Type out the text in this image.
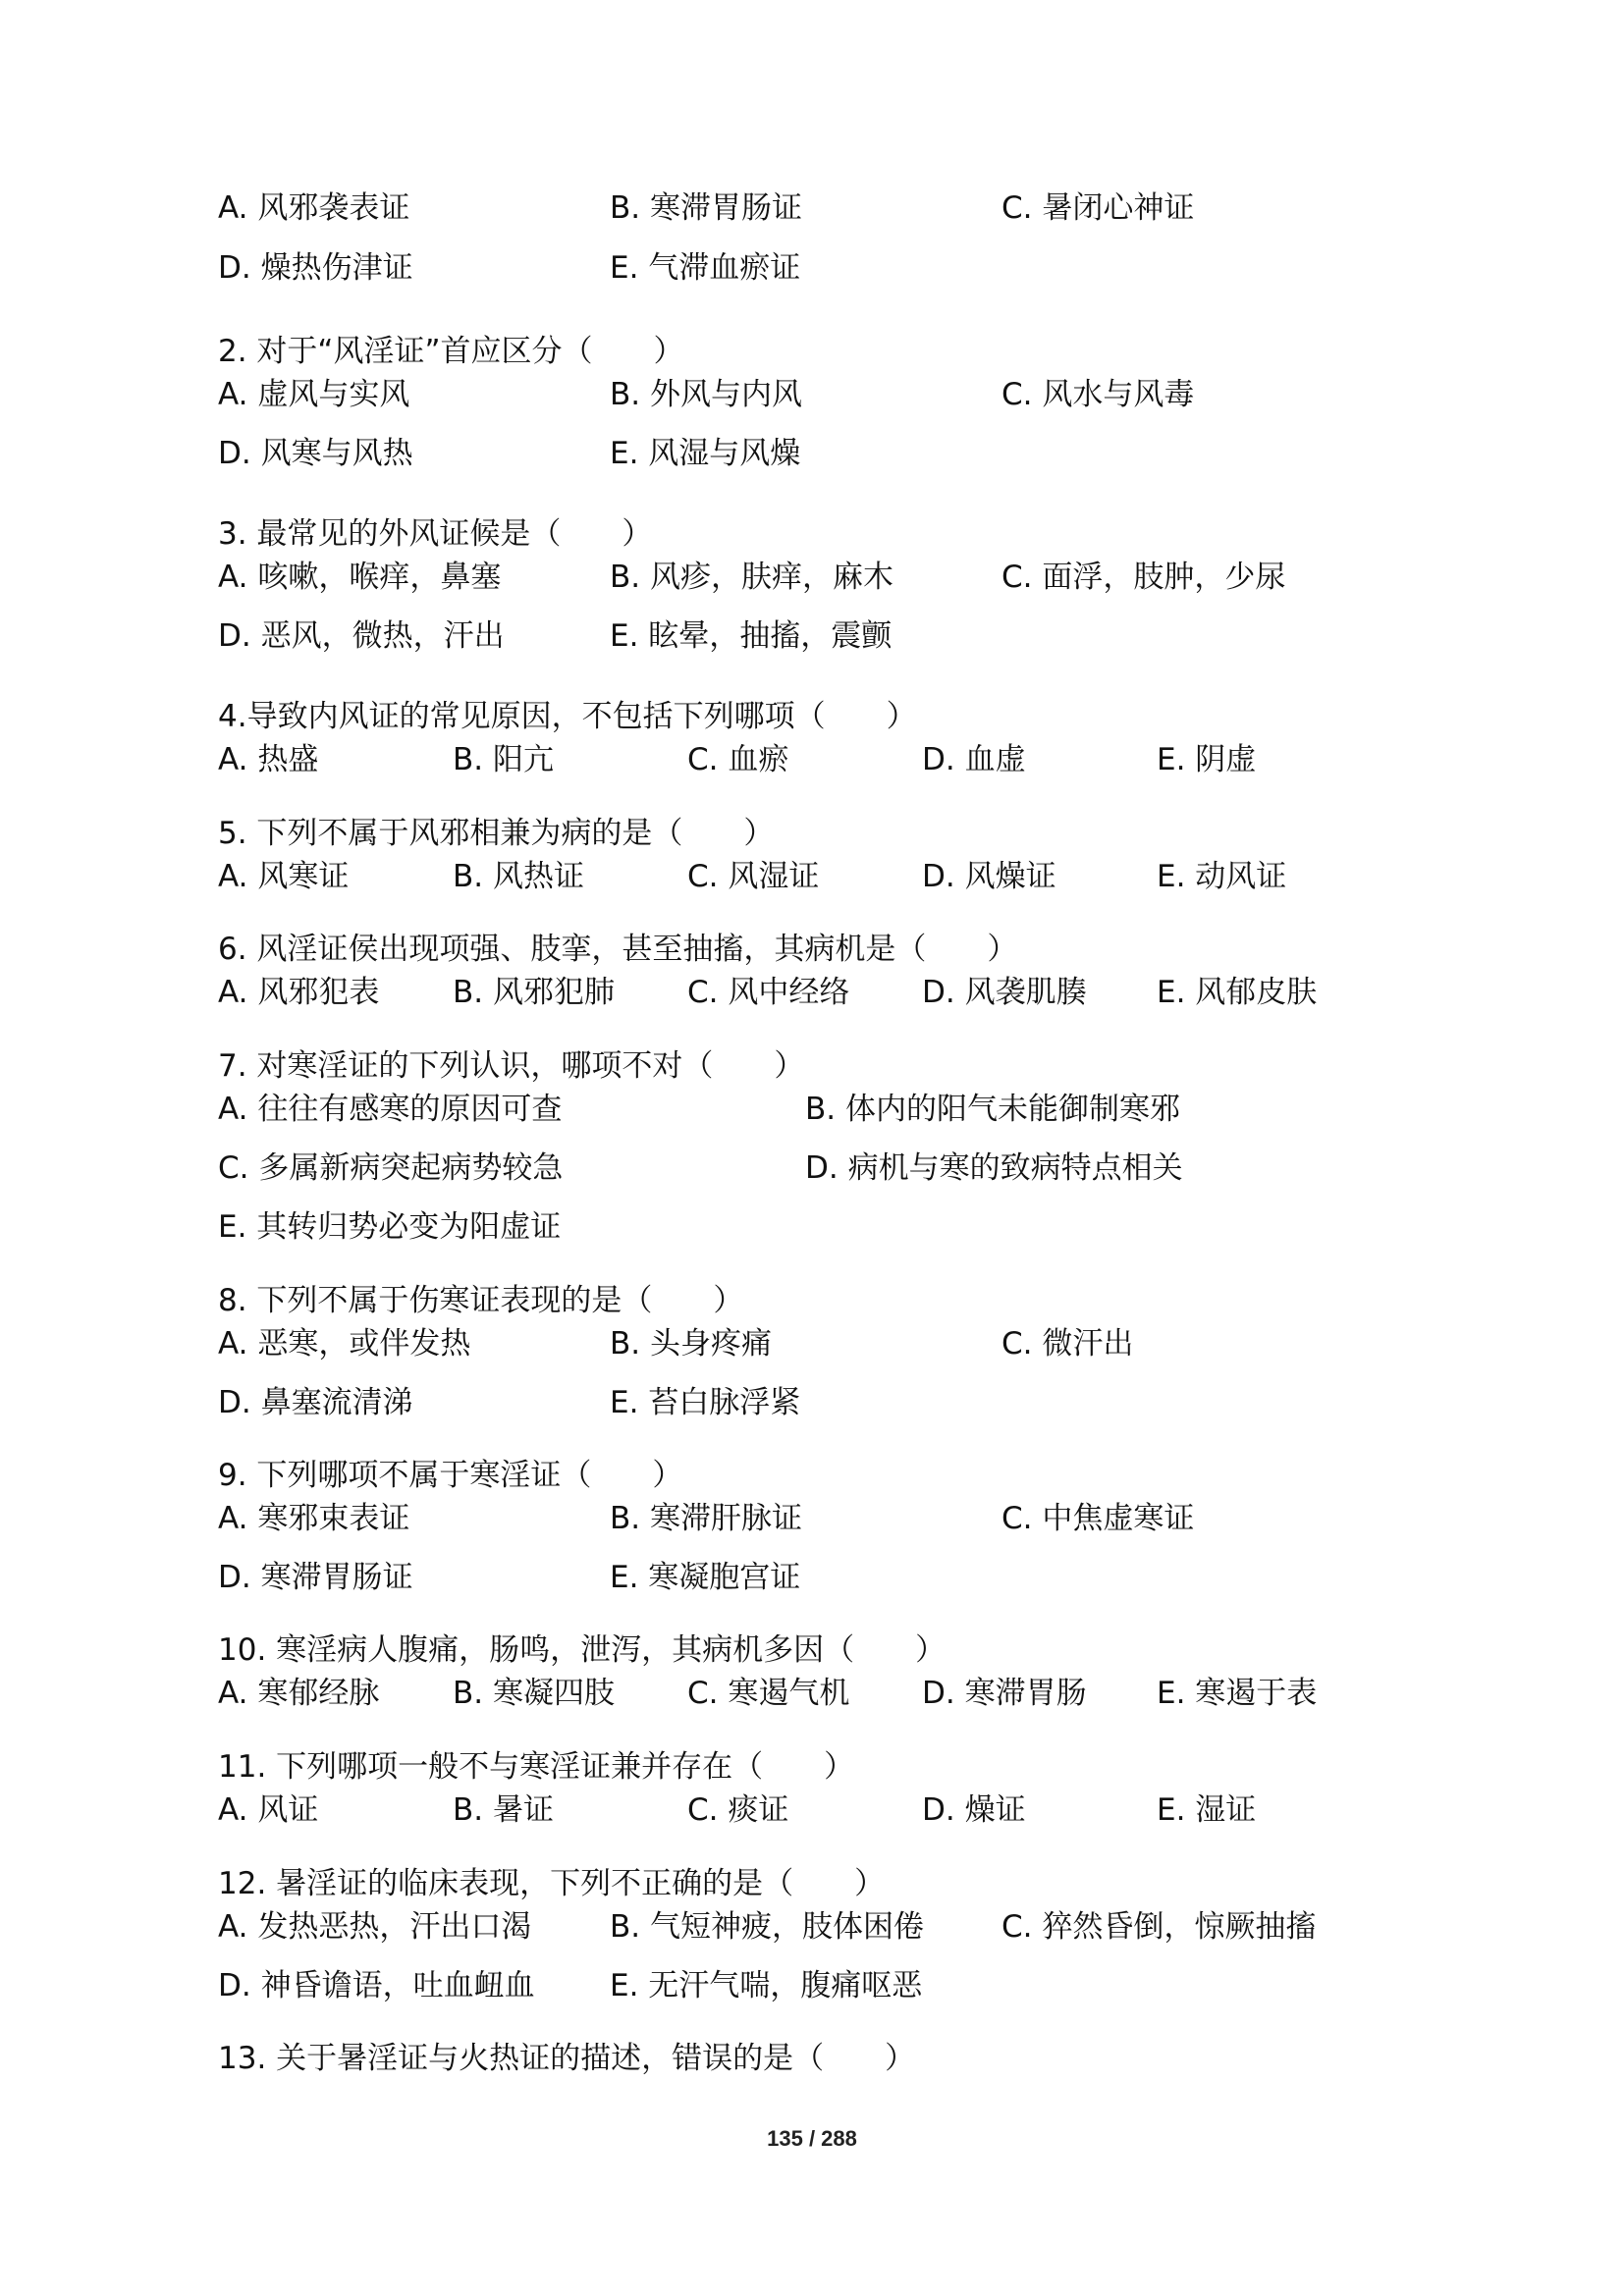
A. 风邪袭表证	B. 寒滞胃肠证	C. 暑闭心神证
D. 燥热伤津证	E. 气滞血瘀证
2. 对于“风淫证”首应区分（　　）
A. 虚风与实风	B. 外风与内风	C. 风水与风毒
D. 风寒与风热	E. 风湿与风燥
3. 最常见的外风证候是（　　）
A. 咳嗽，喉痒，鼻塞	B. 风疹，肤痒，麻木	C. 面浮，肢肿，少尿
D. 恶风，微热，汗出	E. 眩晕，抽搐，震颤
4.导致内风证的常见原因，不包括下列哪项（　　）
A. 热盛	B. 阳亢	C. 血瘀	D. 血虚	E. 阴虚
5. 下列不属于风邪相兼为病的是（　　）
A. 风寒证	B. 风热证	C. 风湿证	D. 风燥证	E. 动风证
6. 风淫证侯出现项强、肢挛，甚至抽搐，其病机是（　　）
A. 风邪犯表 B. 风邪犯肺 C. 风中经络 D. 风袭肌腠 E. 风郁皮肤
7. 对寒淫证的下列认识，哪项不对（　　）
A. 往往有感寒的原因可查	B. 体内的阳气未能御制寒邪
C. 多属新病突起病势较急	D. 病机与寒的致病特点相关
E. 其转归势必变为阳虚证
8. 下列不属于伤寒证表现的是（　　）
A. 恶寒，或伴发热	B. 头身疼痛	C. 微汗出
D. 鼻塞流清涕	E. 苔白脉浮紧
9. 下列哪项不属于寒淫证（　　）
A. 寒邪束表证	B. 寒滞肝脉证	C. 中焦虚寒证
D. 寒滞胃肠证	E. 寒凝胞宫证
10. 寒淫病人腹痛，肠鸣，泄泻，其病机多因（　　）
A. 寒郁经脉 B. 寒凝四肢 C. 寒遏气机 D. 寒滞胃肠 E. 寒遏于表
11. 下列哪项一般不与寒淫证兼并存在（　　）
A. 风证	B. 暑证	C. 痰证	D. 燥证	E. 湿证
12. 暑淫证的临床表现，下列不正确的是（　　）
A. 发热恶热，汗出口渴	B. 气短神疲，肢体困倦	C. 猝然昏倒，惊厥抽搐
D. 神昏谵语，吐血衄血 E. 无汗气喘，腹痛呕恶
13. 关于暑淫证与火热证的描述，错误的是（　　）
135 / 288
